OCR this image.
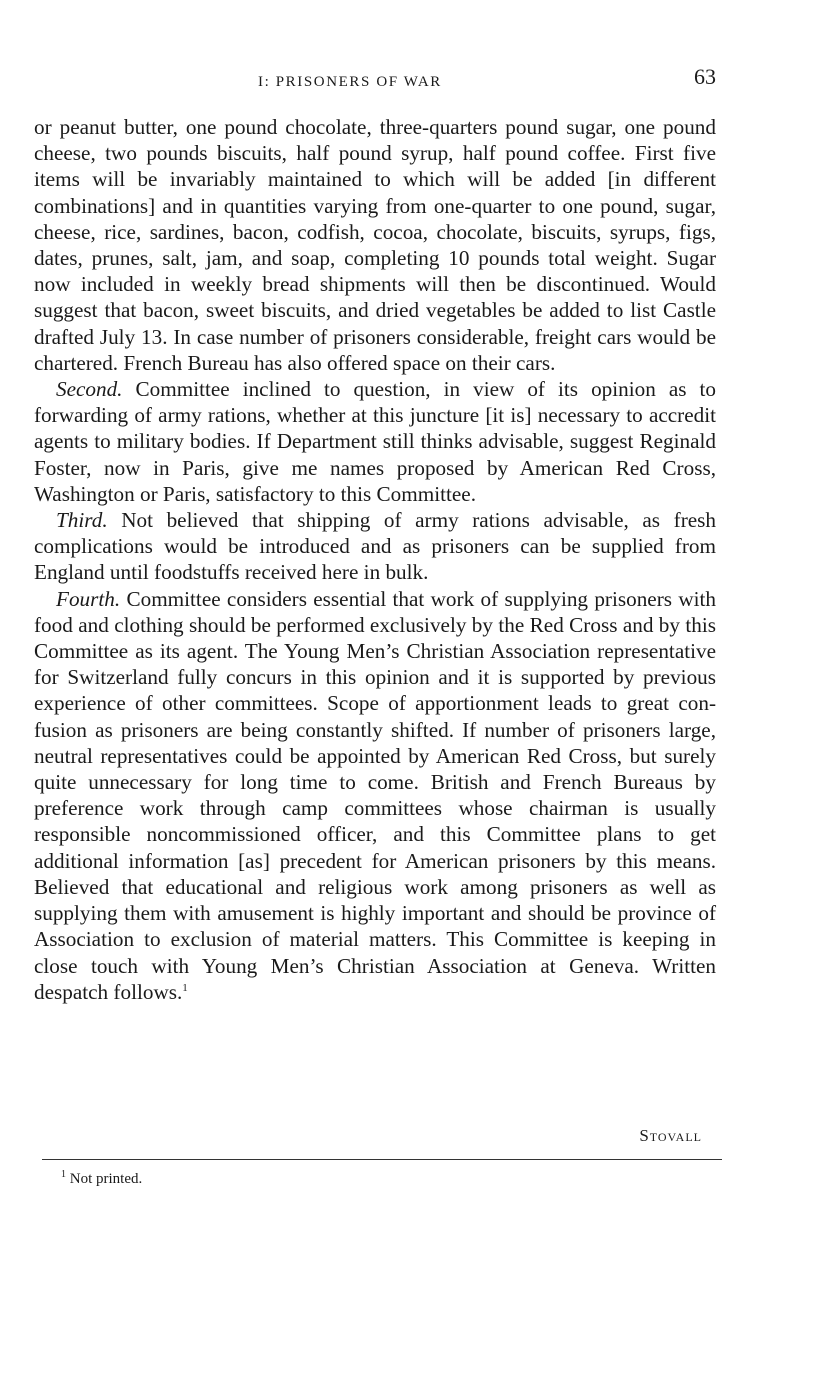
I: PRISONERS OF WAR	63

or peanut butter, one pound chocolate, three-quarters pound sugar, one pound cheese, two pounds biscuits, half pound syrup, half pound coffee. First five items will be invariably maintained to which will be added [in different combinations] and in quantities varying from one-quarter to one pound, sugar, cheese, rice, sardines, bacon, codfish, cocoa, chocolate, biscuits, syrups, figs, dates, prunes, salt, jam, and soap, completing 10 pounds total weight. Sugar now included in weekly bread shipments will then be discontinued. Would suggest that bacon, sweet biscuits, and dried vegetables be added to list Castle drafted July 13. In case number of prisoners considerable, freight cars would be chartered. French Bureau has also offered space on their cars.

Second. Committee inclined to question, in view of its opinion as to forwarding of army rations, whether at this juncture [it is] necessary to accredit agents to military bodies. If Department still thinks advisable, suggest Reginald Foster, now in Paris, give me names proposed by American Red Cross, Washington or Paris, satisfactory to this Committee.

Third. Not believed that shipping of army rations advisable, as fresh complications would be introduced and as prisoners can be supplied from England until foodstuffs received here in bulk.

Fourth. Committee considers essential that work of supplying prisoners with food and clothing should be performed exclusively by the Red Cross and by this Committee as its agent. The Young Men’s Christian Association representative for Switzerland fully concurs in this opinion and it is supported by previous experience of other committees. Scope of apportionment leads to great confusion as prisoners are being constantly shifted. If number of prisoners large, neutral representatives could be appointed by American Red Cross, but surely quite unnecessary for long time to come. British and French Bureaus by preference work through camp committees whose chairman is usually responsible noncommissioned officer, and this Committee plans to get additional information [as] precedent for American prisoners by this means. Believed that educational and religious work among prisoners as well as supplying them with amusement is highly important and should be province of Association to exclusion of material matters. This Committee is keeping in close touch with Young Men’s Christian Association at Geneva. Written despatch follows.$^1$

Stovall
$^1$ Not printed.
